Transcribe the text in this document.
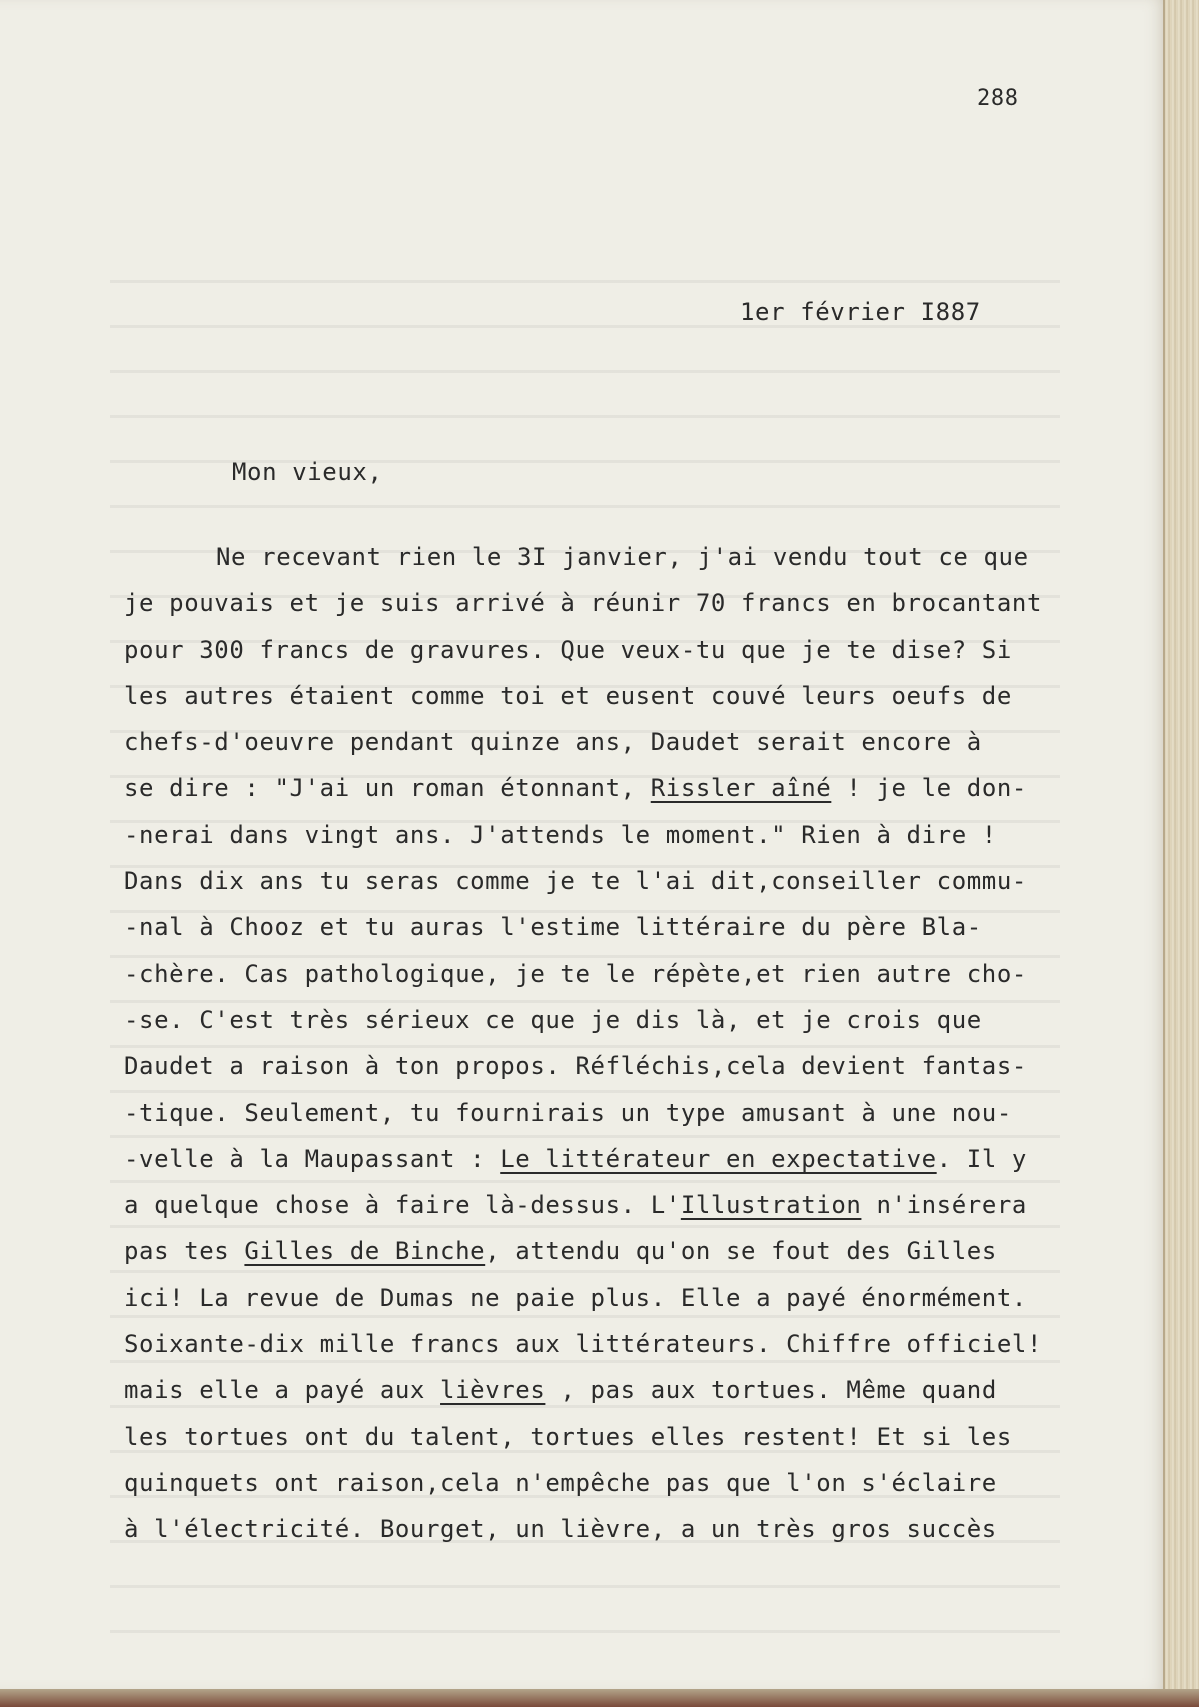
288

1er février I887

Mon vieux,

Ne recevant rien le 3I janvier, j'ai vendu tout ce que

je pouvais et je suis arrivé à réunir 70 francs en brocantant

pour 300 francs de gravures. Que veux-tu que je te dise? Si

les autres étaient comme toi et eusent couvé leurs oeufs de

chefs-d'oeuvre pendant quinze ans, Daudet serait encore à

se dire : "J'ai un roman étonnant, Rissler aîné ! je le don-

-nerai dans vingt ans. J'attends le moment." Rien à dire !

Dans dix ans tu seras comme je te l'ai dit,conseiller commu-

-nal à Chooz et tu auras l'estime littéraire du père Bla-

-chère. Cas pathologique, je te le répète,et rien autre cho-

-se. C'est très sérieux ce que je dis là, et je crois que

Daudet a raison à ton propos. Réfléchis,cela devient fantas-

-tique. Seulement, tu fournirais un type amusant à une nou-

-velle à la Maupassant : Le littérateur en expectative. Il y

a quelque chose à faire là-dessus. L'Illustration n'insérera

pas tes Gilles de Binche, attendu qu'on se fout des Gilles

ici! La revue de Dumas ne paie plus. Elle a payé énormément.

Soixante-dix mille francs aux littérateurs. Chiffre officiel!

mais elle a payé aux lièvres , pas aux tortues. Même quand

les tortues ont du talent, tortues elles restent! Et si les

quinquets ont raison,cela n'empêche pas que l'on s'éclaire

à l'électricité. Bourget, un lièvre, a un très gros succès
